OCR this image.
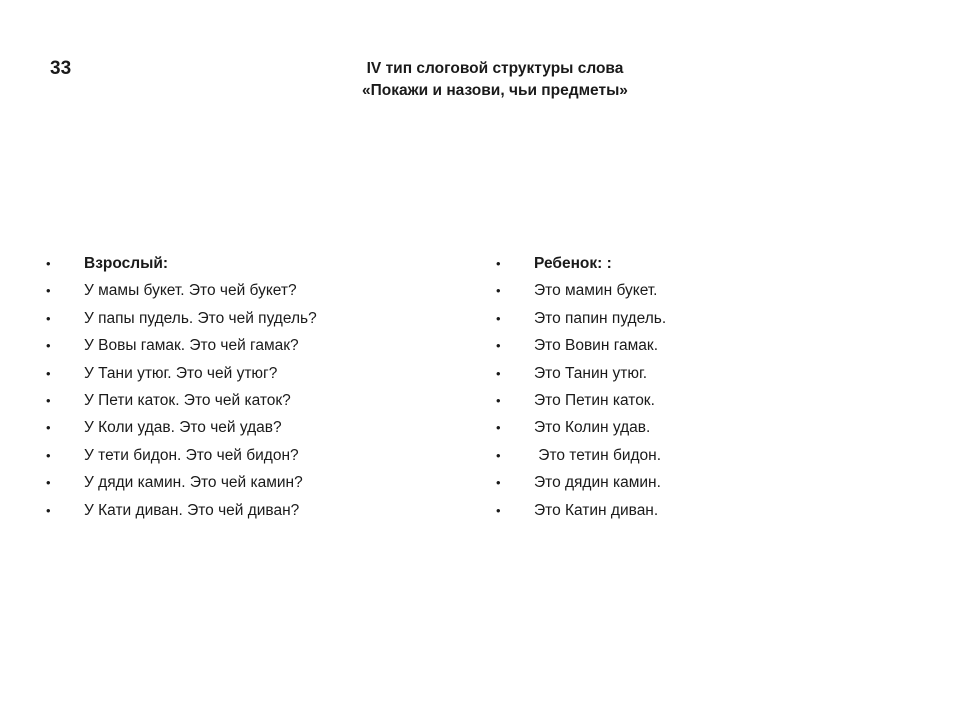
33	IV тип слоговой структуры слова
«Покажи и назови, чьи предметы»
• Взрослый:
• У мамы букет. Это чей букет?
• У папы пудель. Это чей пудель?
• У Вовы гамак. Это чей гамак?
• У Тани утюг. Это чей утюг?
• У Пети каток. Это чей каток?
• У Коли удав. Это чей удав?
• У тети бидон. Это чей бидон?
• У дяди камин. Это чей камин?
• У Кати диван. Это чей диван?
• Ребенок: :
• Это мамин букет.
• Это папин пудель.
• Это Вовин гамак.
• Это Танин утюг.
• Это Петин каток.
• Это Колин удав.
• Это тетин бидон.
• Это дядин камин.
• Это Катин диван.
